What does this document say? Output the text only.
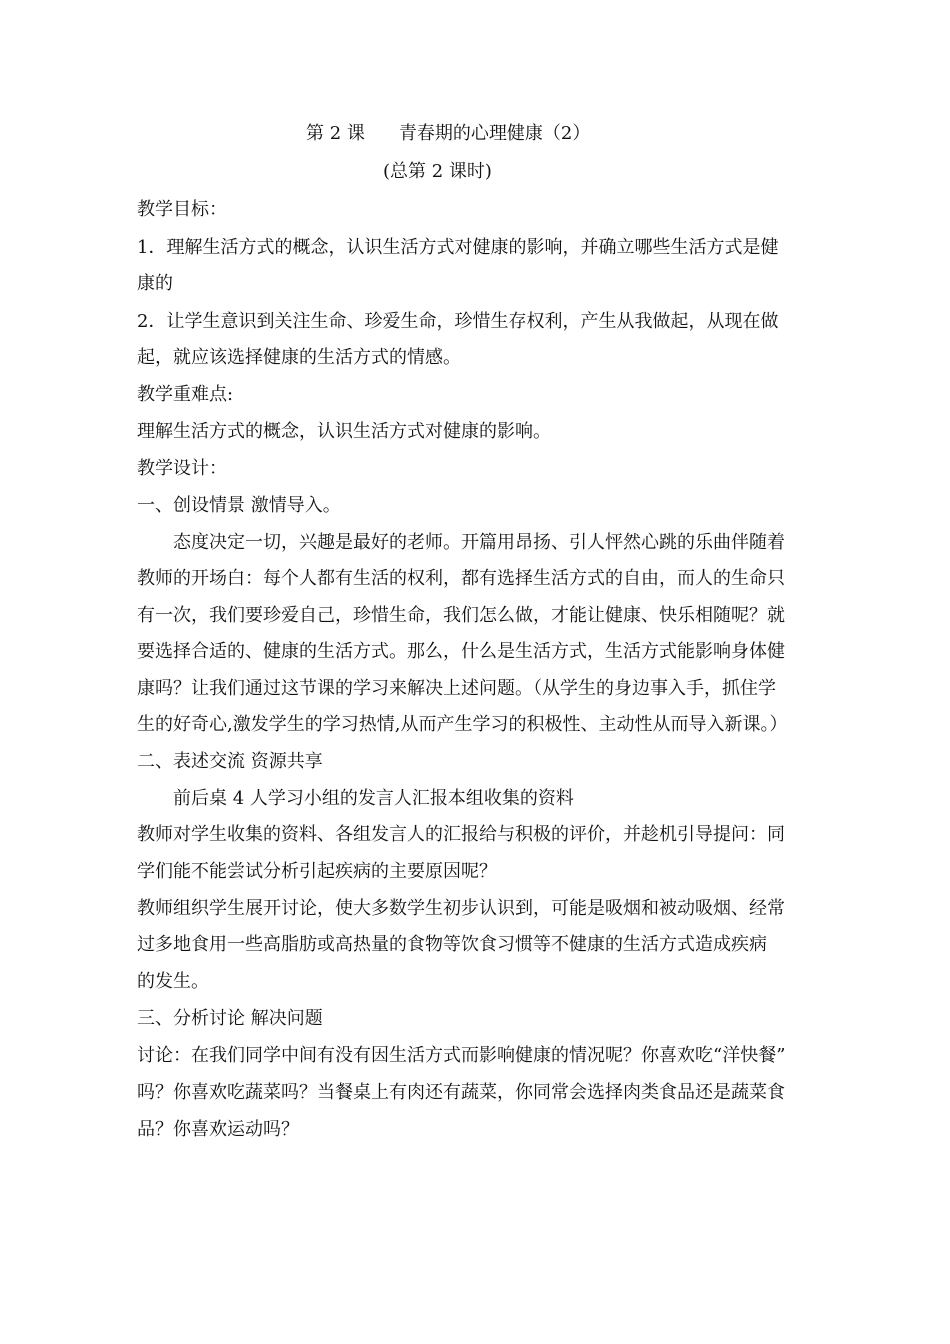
第 2 课 青春期的心理健康（2）
(总第 2 课时)
教学目标：
1．理解生活方式的概念，认识生活方式对健康的影响，并确立哪些生活方式是健
康的
2．让学生意识到关注生命、珍爱生命，珍惜生存权利，产生从我做起，从现在做
起，就应该选择健康的生活方式的情感。
教学重难点:
理解生活方式的概念，认识生活方式对健康的影响。
教学设计：
一、创设情景 激情导入。
态度决定一切，兴趣是最好的老师。开篇用昂扬、引人怦然心跳的乐曲伴随着
教师的开场白：每个人都有生活的权利，都有选择生活方式的自由，而人的生命只
有一次，我们要珍爱自己，珍惜生命，我们怎么做，才能让健康、快乐相随呢？就
要选择合适的、健康的生活方式。那么，什么是生活方式，生活方式能影响身体健
康吗？让我们通过这节课的学习来解决上述问题。（从学生的身边事入手，抓住学
生的好奇心,激发学生的学习热情,从而产生学习的积极性、主动性从而导入新课。）
二、表述交流 资源共享
前后桌 4 人学习小组的发言人汇报本组收集的资料
教师对学生收集的资料、各组发言人的汇报给与积极的评价，并趁机引导提问：同
学们能不能尝试分析引起疾病的主要原因呢？
教师组织学生展开讨论，使大多数学生初步认识到，可能是吸烟和被动吸烟、经常
过多地食用一些高脂肪或高热量的食物等饮食习惯等不健康的生活方式造成疾病
的发生。
三、分析讨论 解决问题
讨论：在我们同学中间有没有因生活方式而影响健康的情况呢？你喜欢吃“洋快餐”
吗？你喜欢吃蔬菜吗？当餐桌上有肉还有蔬菜，你同常会选择肉类食品还是蔬菜食
品？你喜欢运动吗？
